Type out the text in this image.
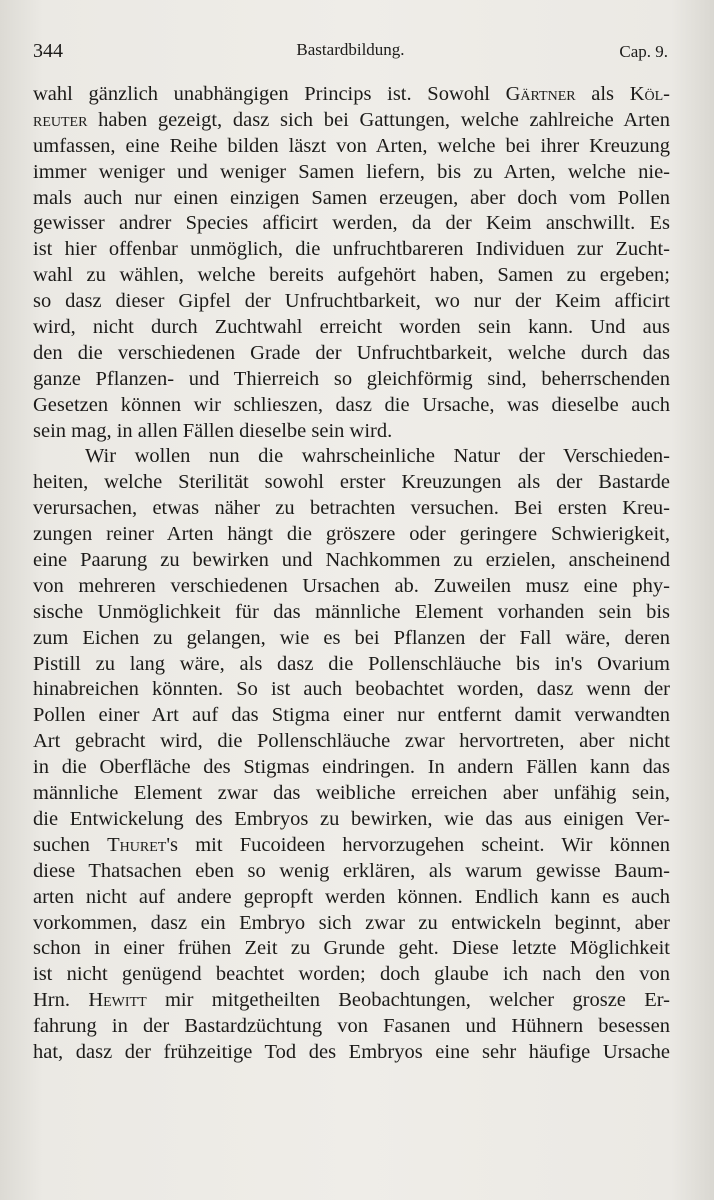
344	Bastardbildung.	Cap. 9.
wahl gänzlich unabhängigen Princips ist. Sowohl Gärtner als Köl-
reuter haben gezeigt, dasz sich bei Gattungen, welche zahlreiche Arten
umfassen, eine Reihe bilden läszt von Arten, welche bei ihrer Kreuzung
immer weniger und weniger Samen liefern, bis zu Arten, welche nie-
mals auch nur einen einzigen Samen erzeugen, aber doch vom Pollen
gewisser andrer Species afficirt werden, da der Keim anschwillt. Es
ist hier offenbar unmöglich, die unfruchtbareren Individuen zur Zucht-
wahl zu wählen, welche bereits aufgehört haben, Samen zu ergeben;
so dasz dieser Gipfel der Unfruchtbarkeit, wo nur der Keim afficirt
wird, nicht durch Zuchtwahl erreicht worden sein kann. Und aus
den die verschiedenen Grade der Unfruchtbarkeit, welche durch das
ganze Pflanzen- und Thierreich so gleichförmig sind, beherrschenden
Gesetzen können wir schlieszen, dasz die Ursache, was dieselbe auch
sein mag, in allen Fällen dieselbe sein wird.
Wir wollen nun die wahrscheinliche Natur der Verschieden-
heiten, welche Sterilität sowohl erster Kreuzungen als der Bastarde
verursachen, etwas näher zu betrachten versuchen. Bei ersten Kreu-
zungen reiner Arten hängt die gröszere oder geringere Schwierigkeit,
eine Paarung zu bewirken und Nachkommen zu erzielen, anscheinend
von mehreren verschiedenen Ursachen ab. Zuweilen musz eine phy-
sische Unmöglichkeit für das männliche Element vorhanden sein bis
zum Eichen zu gelangen, wie es bei Pflanzen der Fall wäre, deren
Pistill zu lang wäre, als dasz die Pollenschläuche bis in's Ovarium
hinabreichen könnten. So ist auch beobachtet worden, dasz wenn der
Pollen einer Art auf das Stigma einer nur entfernt damit verwandten
Art gebracht wird, die Pollenschläuche zwar hervortreten, aber nicht
in die Oberfläche des Stigmas eindringen. In andern Fällen kann das
männliche Element zwar das weibliche erreichen aber unfähig sein,
die Entwickelung des Embryos zu bewirken, wie das aus einigen Ver-
suchen Thuret's mit Fucoideen hervorzugehen scheint. Wir können
diese Thatsachen eben so wenig erklären, als warum gewisse Baum-
arten nicht auf andere gepropft werden können. Endlich kann es auch
vorkommen, dasz ein Embryo sich zwar zu entwickeln beginnt, aber
schon in einer frühen Zeit zu Grunde geht. Diese letzte Möglichkeit
ist nicht genügend beachtet worden; doch glaube ich nach den von
Hrn. Hewitt mir mitgetheilten Beobachtungen, welcher grosze Er-
fahrung in der Bastardzüchtung von Fasanen und Hühnern besessen
hat, dasz der frühzeitige Tod des Embryos eine sehr häufige Ursache
